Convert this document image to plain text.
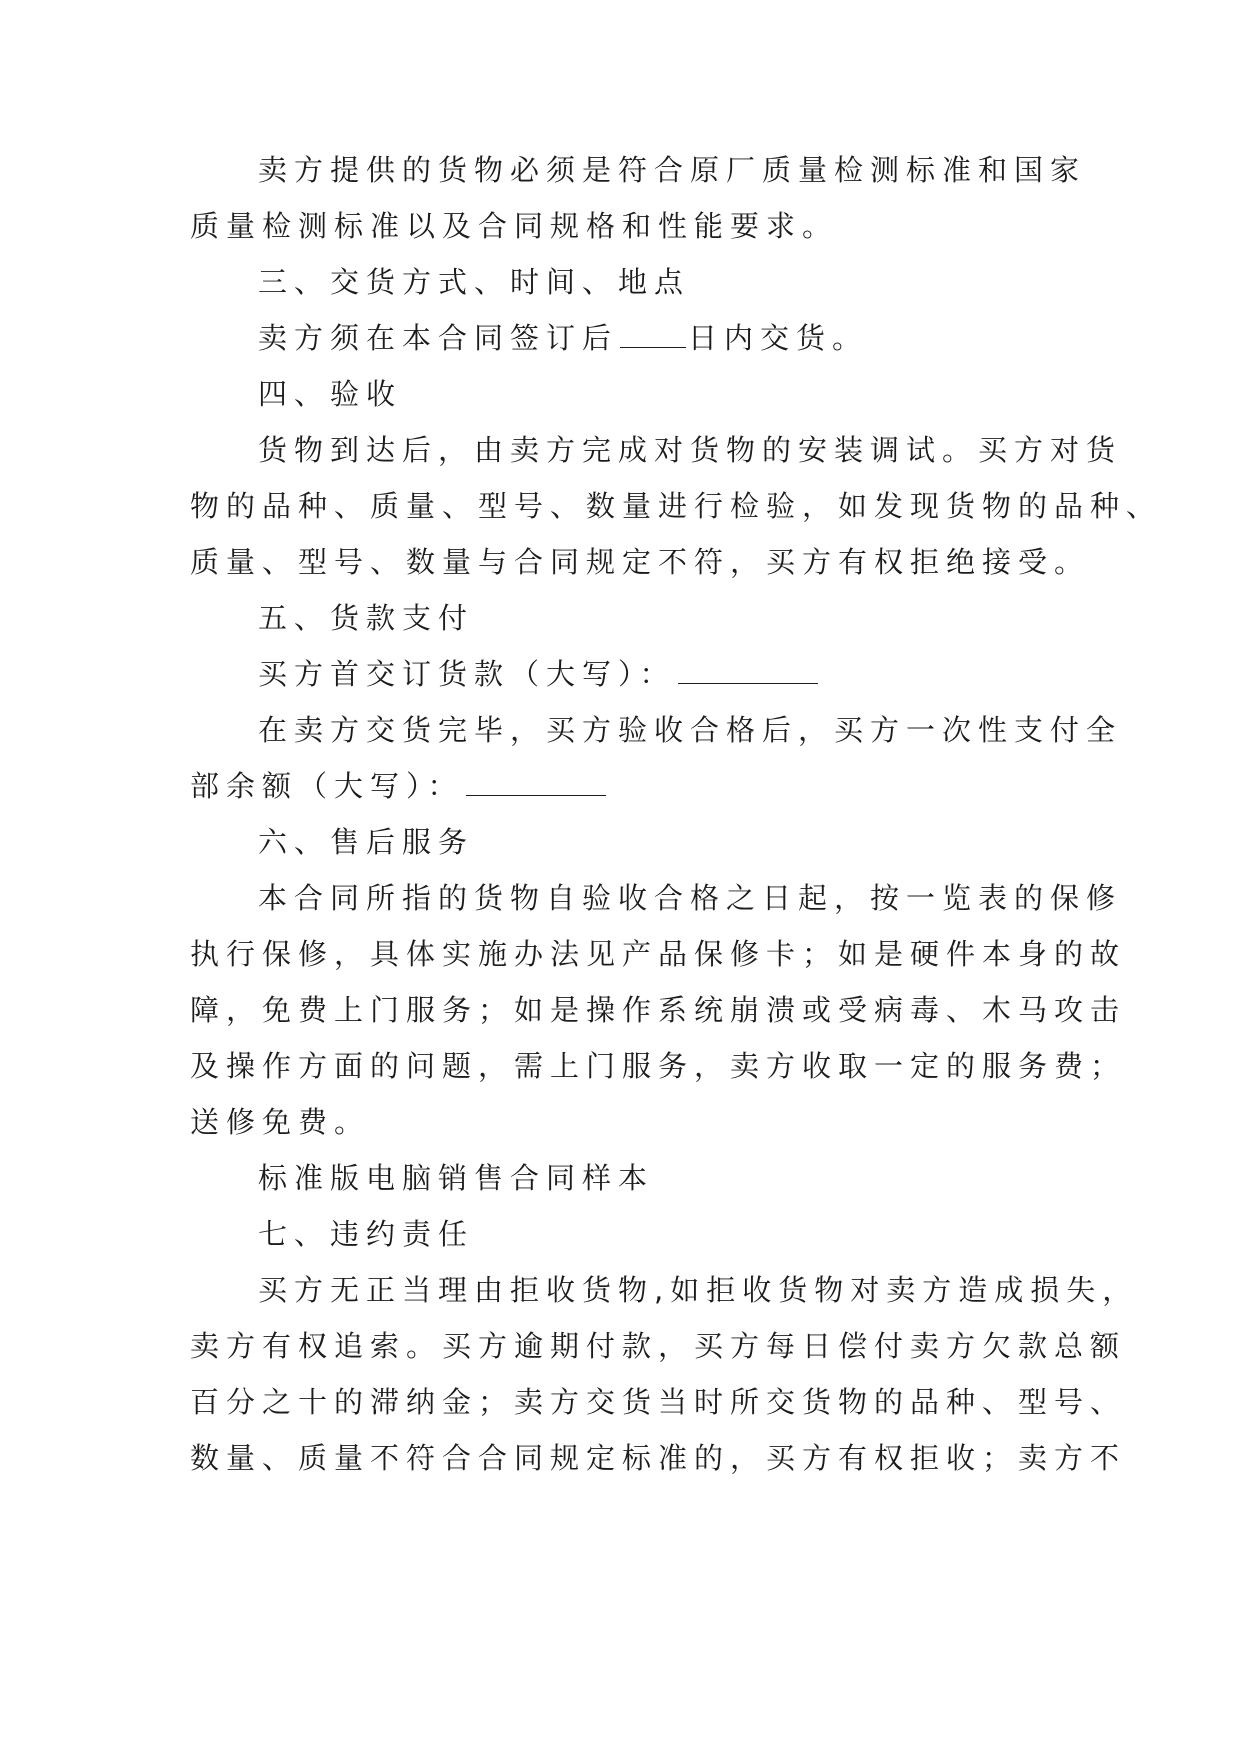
卖方提供的货物必须是符合原厂质量检测标准和国家
质量检测标准以及合同规格和性能要求。
三、交货方式、时间、地点
卖方须在本合同签订后 日内交货。
四、验收
货物到达后，由卖方完成对货物的安装调试。买方对货
物的品种、质量、型号、数量进行检验，如发现货物的品种、
质量、型号、数量与合同规定不符，买方有权拒绝接受。
五、货款支付
买方首交订货款（大写）：
在卖方交货完毕，买方验收合格后，买方一次性支付全
部余额（大写）：
六、售后服务
本合同所指的货物自验收合格之日起，按一览表的保修
执行保修，具体实施办法见产品保修卡；如是硬件本身的故
障，免费上门服务；如是操作系统崩溃或受病毒、木马攻击
及操作方面的问题，需上门服务，卖方收取一定的服务费；
送修免费。
标准版电脑销售合同样本
七、违约责任
买方无正当理由拒收货物,如拒收货物对卖方造成损失，
卖方有权追索。买方逾期付款，买方每日偿付卖方欠款总额
百分之十的滞纳金；卖方交货当时所交货物的品种、型号、
数量、质量不符合合同规定标准的，买方有权拒收；卖方不
